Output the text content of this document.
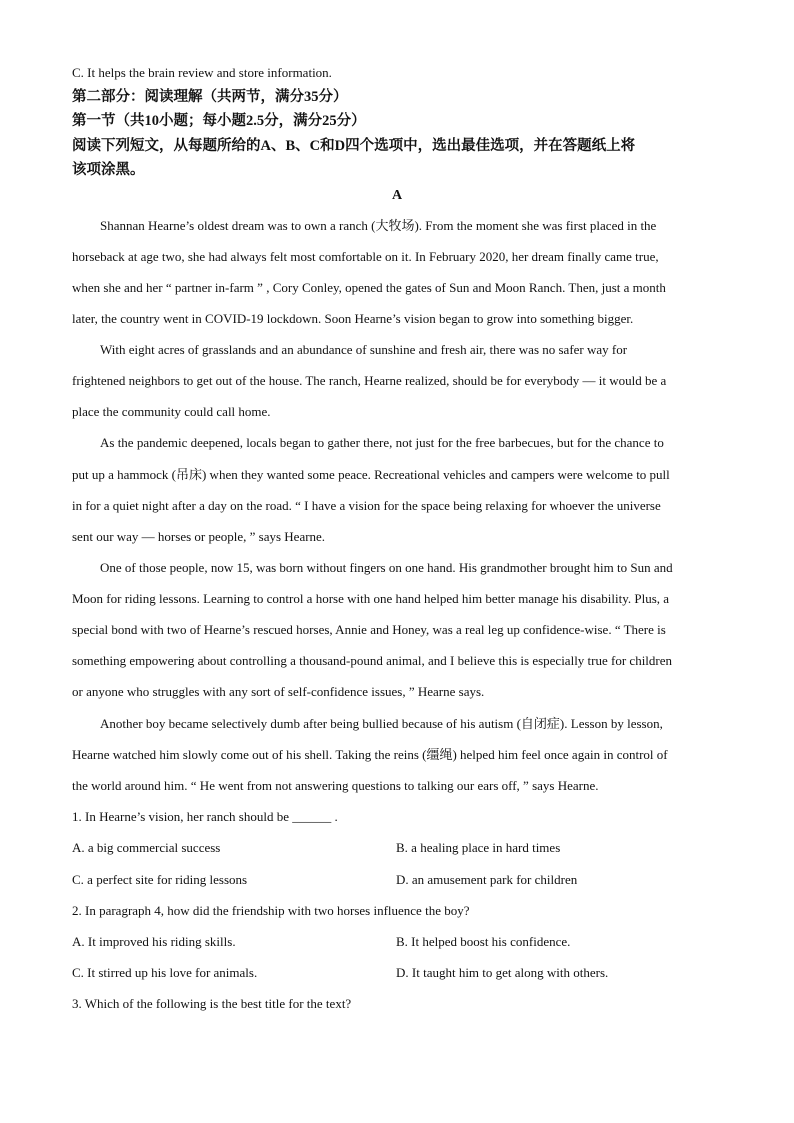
C. It helps the brain review and store information.
第二部分：阅读理解（共两节，满分35分）
第一节（共10小题；每小题2.5分，满分25分）
阅读下列短文，从每题所给的A、B、C和D四个选项中，选出最佳选项，并在答题纸上将
该项涂黑。
A
Shannan Hearne’s oldest dream was to own a ranch (大牧场). From the moment she was first placed in the
horseback at age two, she had always felt most comfortable on it. In February 2020, her dream finally came true,
when she and her “ partner in-farm ” , Cory Conley, opened the gates of Sun and Moon Ranch. Then, just a month
later, the country went in COVID-19 lockdown. Soon Hearne’s vision began to grow into something bigger.
With eight acres of grasslands and an abundance of sunshine and fresh air, there was no safer way for
frightened neighbors to get out of the house. The ranch, Hearne realized, should be for everybody — it would be a
place the community could call home.
As the pandemic deepened, locals began to gather there, not just for the free barbecues, but for the chance to
put up a hammock (吊床) when they wanted some peace. Recreational vehicles and campers were welcome to pull
in for a quiet night after a day on the road. “ I have a vision for the space being relaxing for whoever the universe
sent our way — horses or people, ” says Hearne.
One of those people, now 15, was born without fingers on one hand. His grandmother brought him to Sun and
Moon for riding lessons. Learning to control a horse with one hand helped him better manage his disability. Plus, a
special bond with two of Hearne’s rescued horses, Annie and Honey, was a real leg up confidence-wise. “ There is
something empowering about controlling a thousand-pound animal, and I believe this is especially true for children
or anyone who struggles with any sort of self-confidence issues, ” Hearne says.
Another boy became selectively dumb after being bullied because of his autism (自闭症). Lesson by lesson,
Hearne watched him slowly come out of his shell. Taking the reins (缰绳) helped him feel once again in control of
the world around him. “ He went from not answering questions to talking our ears off, ” says Hearne.
1. In Hearne’s vision, her ranch should be ______ .
A. a big commercial success	B. a healing place in hard times
C. a perfect site for riding lessons	D. an amusement park for children
2. In paragraph 4, how did the friendship with two horses influence the boy?
A. It improved his riding skills.	B. It helped boost his confidence.
C. It stirred up his love for animals.	D. It taught him to get along with others.
3. Which of the following is the best title for the text?
